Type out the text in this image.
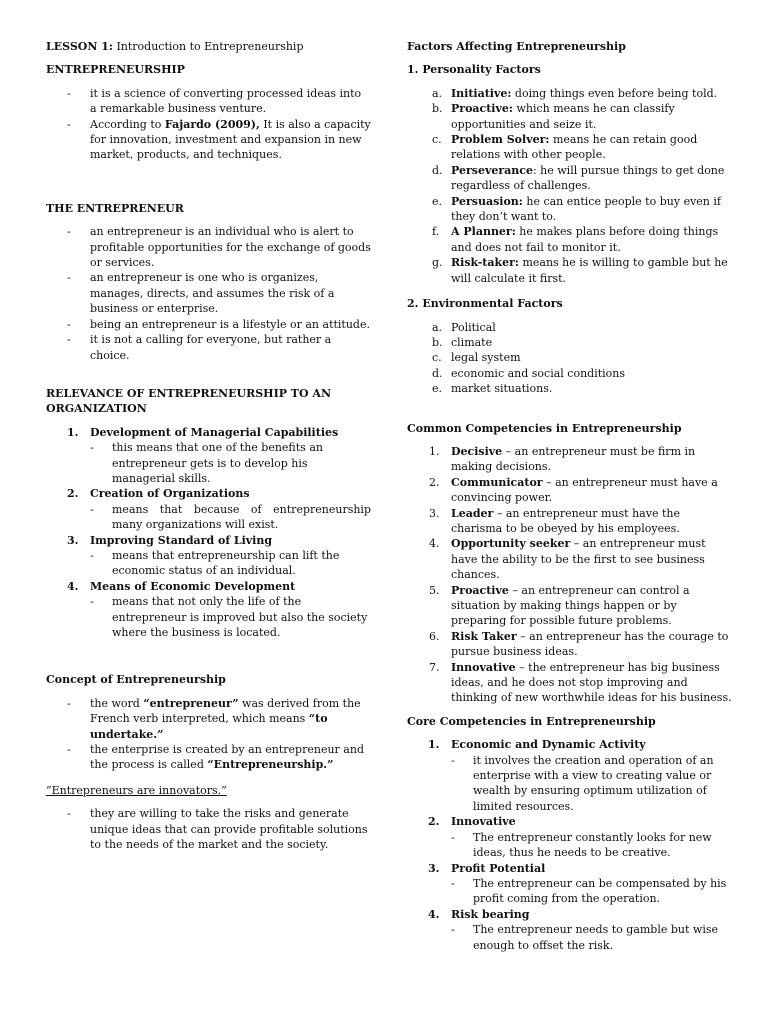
LESSON 1: Introduction to Entrepreneurship
ENTREPRENEURSHIP
- it is a science of converting processed ideas into a remarkable business venture.
- According to Fajardo (2009), It is also a capacity for innovation, investment and expansion in new market, products, and techniques.
THE ENTREPRENEUR
- an entrepreneur is an individual who is alert to profitable opportunities for the exchange of goods or services.
- an entrepreneur is one who is organizes, manages, directs, and assumes the risk of a business or enterprise.
- being an entrepreneur is a lifestyle or an attitude.
- it is not a calling for everyone, but rather a choice.
RELEVANCE OF ENTREPRENEURSHIP TO AN ORGANIZATION
1. Development of Managerial Capabilities
- this means that one of the benefits an entrepreneur gets is to develop his managerial skills.
2. Creation of Organizations
- means that because of entrepreneurship many organizations will exist.
3. Improving Standard of Living
- means that entrepreneurship can lift the economic status of an individual.
4. Means of Economic Development
- means that not only the life of the entrepreneur is improved but also the society where the business is located.
Concept of Entrepreneurship
- the word “entrepreneur” was derived from the French verb interpreted, which means “to undertake.”
- the enterprise is created by an entrepreneur and the process is called “Entrepreneurship.”
“Entrepreneurs are innovators.”
- they are willing to take the risks and generate unique ideas that can provide profitable solutions to the needs of the market and the society.
Factors Affecting Entrepreneurship
1. Personality Factors
a. Initiative: doing things even before being told.
b. Proactive: which means he can classify opportunities and seize it.
c. Problem Solver: means he can retain good relations with other people.
d. Perseverance: he will pursue things to get done regardless of challenges.
e. Persuasion: he can entice people to buy even if they don’t want to.
f. A Planner: he makes plans before doing things and does not fail to monitor it.
g. Risk-taker: means he is willing to gamble but he will calculate it first.
2. Environmental Factors
a. Political
b. climate
c. legal system
d. economic and social conditions
e. market situations.
Common Competencies in Entrepreneurship
1. Decisive – an entrepreneur must be firm in making decisions.
2. Communicator – an entrepreneur must have a convincing power.
3. Leader – an entrepreneur must have the charisma to be obeyed by his employees.
4. Opportunity seeker – an entrepreneur must have the ability to be the first to see business chances.
5. Proactive – an entrepreneur can control a situation by making things happen or by preparing for possible future problems.
6. Risk Taker – an entrepreneur has the courage to pursue business ideas.
7. Innovative – the entrepreneur has big business ideas, and he does not stop improving and thinking of new worthwhile ideas for his business.
Core Competencies in Entrepreneurship
1. Economic and Dynamic Activity
- it involves the creation and operation of an enterprise with a view to creating value or wealth by ensuring optimum utilization of limited resources.
2. Innovative
- The entrepreneur constantly looks for new ideas, thus he needs to be creative.
3. Profit Potential
- The entrepreneur can be compensated by his profit coming from the operation.
4. Risk bearing
- The entrepreneur needs to gamble but wise enough to offset the risk.
